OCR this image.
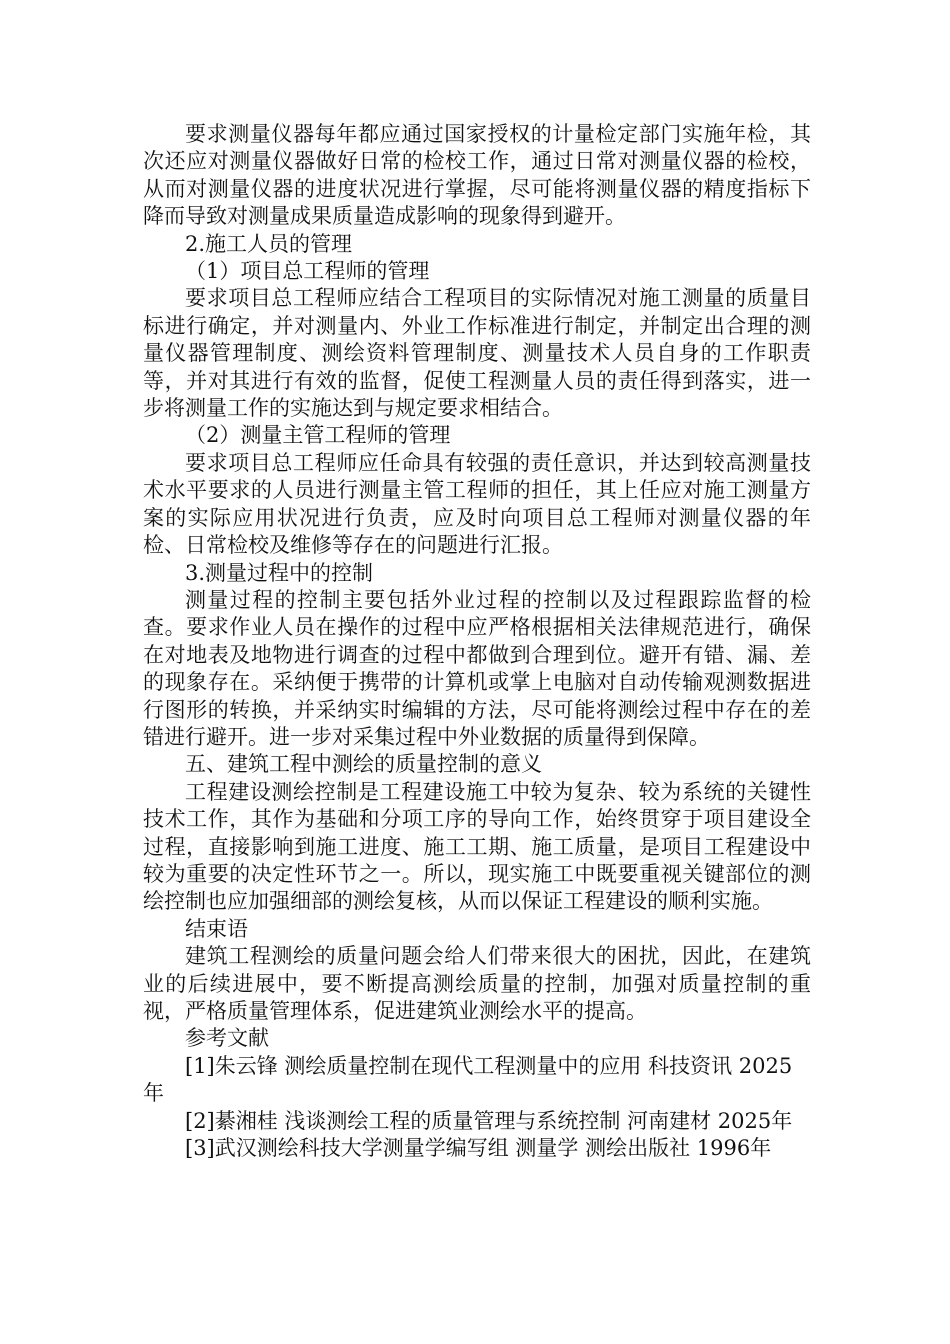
要求测量仪器每年都应通过国家授权的计量检定部门实施年检，其次还应对测量仪器做好日常的检校工作，通过日常对测量仪器的检校，从而对测量仪器的进度状况进行掌握，尽可能将测量仪器的精度指标下降而导致对测量成果质量造成影响的现象得到避开。

2.施工人员的管理

（1）项目总工程师的管理

要求项目总工程师应结合工程项目的实际情况对施工测量的质量目标进行确定，并对测量内、外业工作标准进行制定，并制定出合理的测量仪器管理制度、测绘资料管理制度、测量技术人员自身的工作职责等，并对其进行有效的监督，促使工程测量人员的责任得到落实，进一步将测量工作的实施达到与规定要求相结合。

（2）测量主管工程师的管理

要求项目总工程师应任命具有较强的责任意识，并达到较高测量技术水平要求的人员进行测量主管工程师的担任，其上任应对施工测量方案的实际应用状况进行负责，应及时向项目总工程师对测量仪器的年检、日常检校及维修等存在的问题进行汇报。

3.测量过程中的控制

测量过程的控制主要包括外业过程的控制以及过程跟踪监督的检查。要求作业人员在操作的过程中应严格根据相关法律规范进行，确保在对地表及地物进行调查的过程中都做到合理到位。避开有错、漏、差的现象存在。采纳便于携带的计算机或掌上电脑对自动传输观测数据进行图形的转换，并采纳实时编辑的方法，尽可能将测绘过程中存在的差错进行避开。进一步对采集过程中外业数据的质量得到保障。

五、建筑工程中测绘的质量控制的意义

工程建设测绘控制是工程建设施工中较为复杂、较为系统的关键性技术工作，其作为基础和分项工序的导向工作，始终贯穿于项目建设全过程，直接影响到施工进度、施工工期、施工质量，是项目工程建设中较为重要的决定性环节之一。所以，现实施工中既要重视关键部位的测绘控制也应加强细部的测绘复核，从而以保证工程建设的顺利实施。

结束语

建筑工程测绘的质量问题会给人们带来很大的困扰，因此，在建筑业的后续进展中，要不断提高测绘质量的控制，加强对质量控制的重视，严格质量管理体系，促进建筑业测绘水平的提高。

参考文献

[1]朱云锋 测绘质量控制在现代工程测量中的应用 科技资讯 2025年

[2]綦湘桂 浅谈测绘工程的质量管理与系统控制 河南建材 2025年

[3]武汉测绘科技大学测量学编写组 测量学 测绘出版社 1996年
